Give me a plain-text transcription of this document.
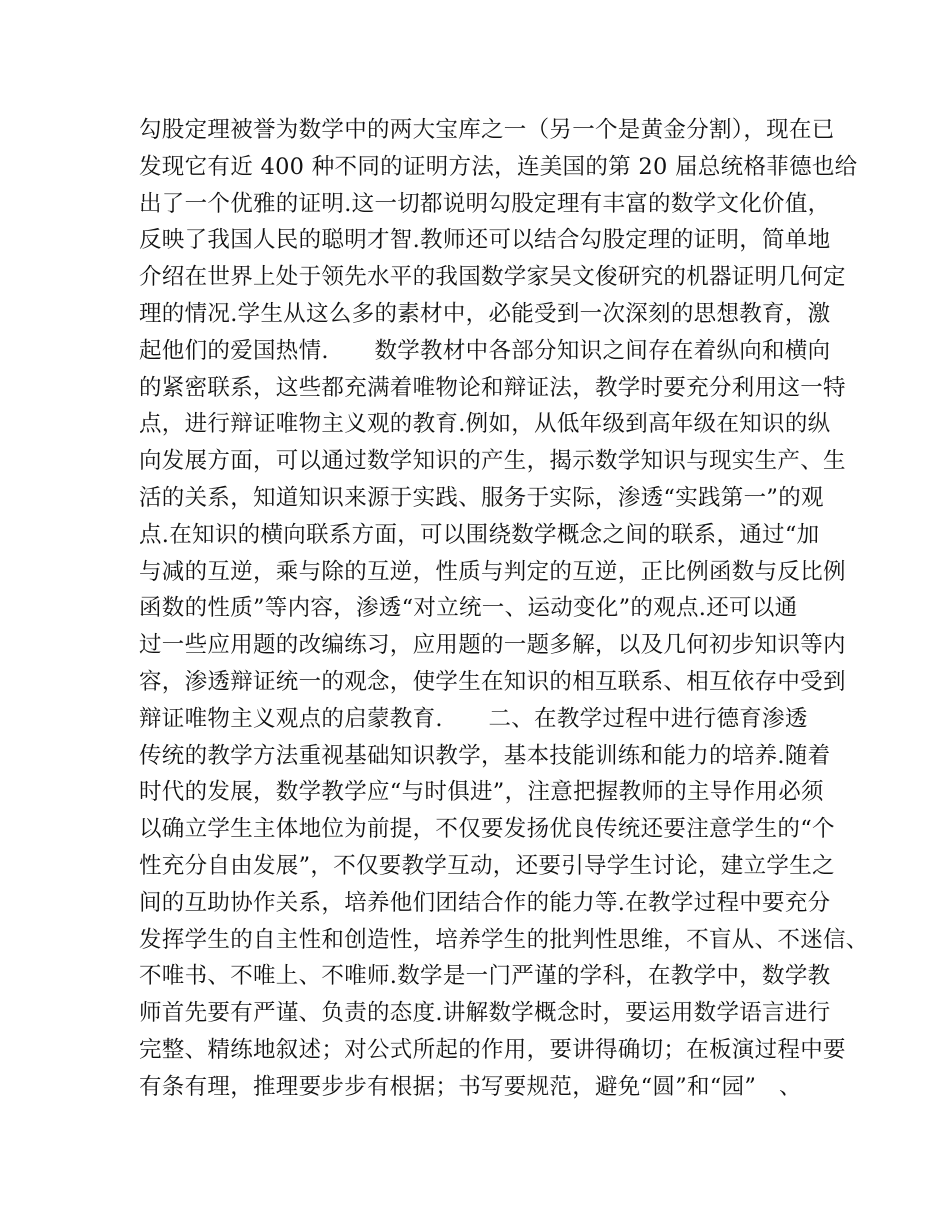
勾股定理被誉为数学中的两大宝库之一（另一个是黄金分割），现在已
发现它有近 400 种不同的证明方法，连美国的第 20 届总统格菲德也给
出了一个优雅的证明.这一切都说明勾股定理有丰富的数学文化价值，
反映了我国人民的聪明才智.教师还可以结合勾股定理的证明，简单地
介绍在世界上处于领先水平的我国数学家吴文俊研究的机器证明几何定
理的情况.学生从这么多的素材中，必能受到一次深刻的思想教育，激
起他们的爱国热情.　　数学教材中各部分知识之间存在着纵向和横向
的紧密联系，这些都充满着唯物论和辩证法，教学时要充分利用这一特
点，进行辩证唯物主义观的教育.例如，从低年级到高年级在知识的纵
向发展方面，可以通过数学知识的产生，揭示数学知识与现实生产、生
活的关系，知道知识来源于实践、服务于实际，渗透“实践第一”的观
点.在知识的横向联系方面，可以围绕数学概念之间的联系，通过“加
与减的互逆，乘与除的互逆，性质与判定的互逆，正比例函数与反比例
函数的性质”等内容，渗透“对立统一、运动变化”的观点.还可以通
过一些应用题的改编练习，应用题的一题多解，以及几何初步知识等内
容，渗透辩证统一的观念，使学生在知识的相互联系、相互依存中受到
辩证唯物主义观点的启蒙教育.　　二、在教学过程中进行德育渗透
传统的教学方法重视基础知识教学，基本技能训练和能力的培养.随着
时代的发展，数学教学应“与时俱进”，注意把握教师的主导作用必须
以确立学生主体地位为前提，不仅要发扬优良传统还要注意学生的“个
性充分自由发展”，不仅要教学互动，还要引导学生讨论，建立学生之
间的互助协作关系，培养他们团结合作的能力等.在教学过程中要充分
发挥学生的自主性和创造性，培养学生的批判性思维，不盲从、不迷信、
不唯书、不唯上、不唯师.数学是一门严谨的学科，在教学中，数学教
师首先要有严谨、负责的态度.讲解数学概念时，要运用数学语言进行
完整、精练地叙述；对公式所起的作用，要讲得确切；在板演过程中要
有条有理，推理要步步有根据；书写要规范，避免“圆”和“园”　、
